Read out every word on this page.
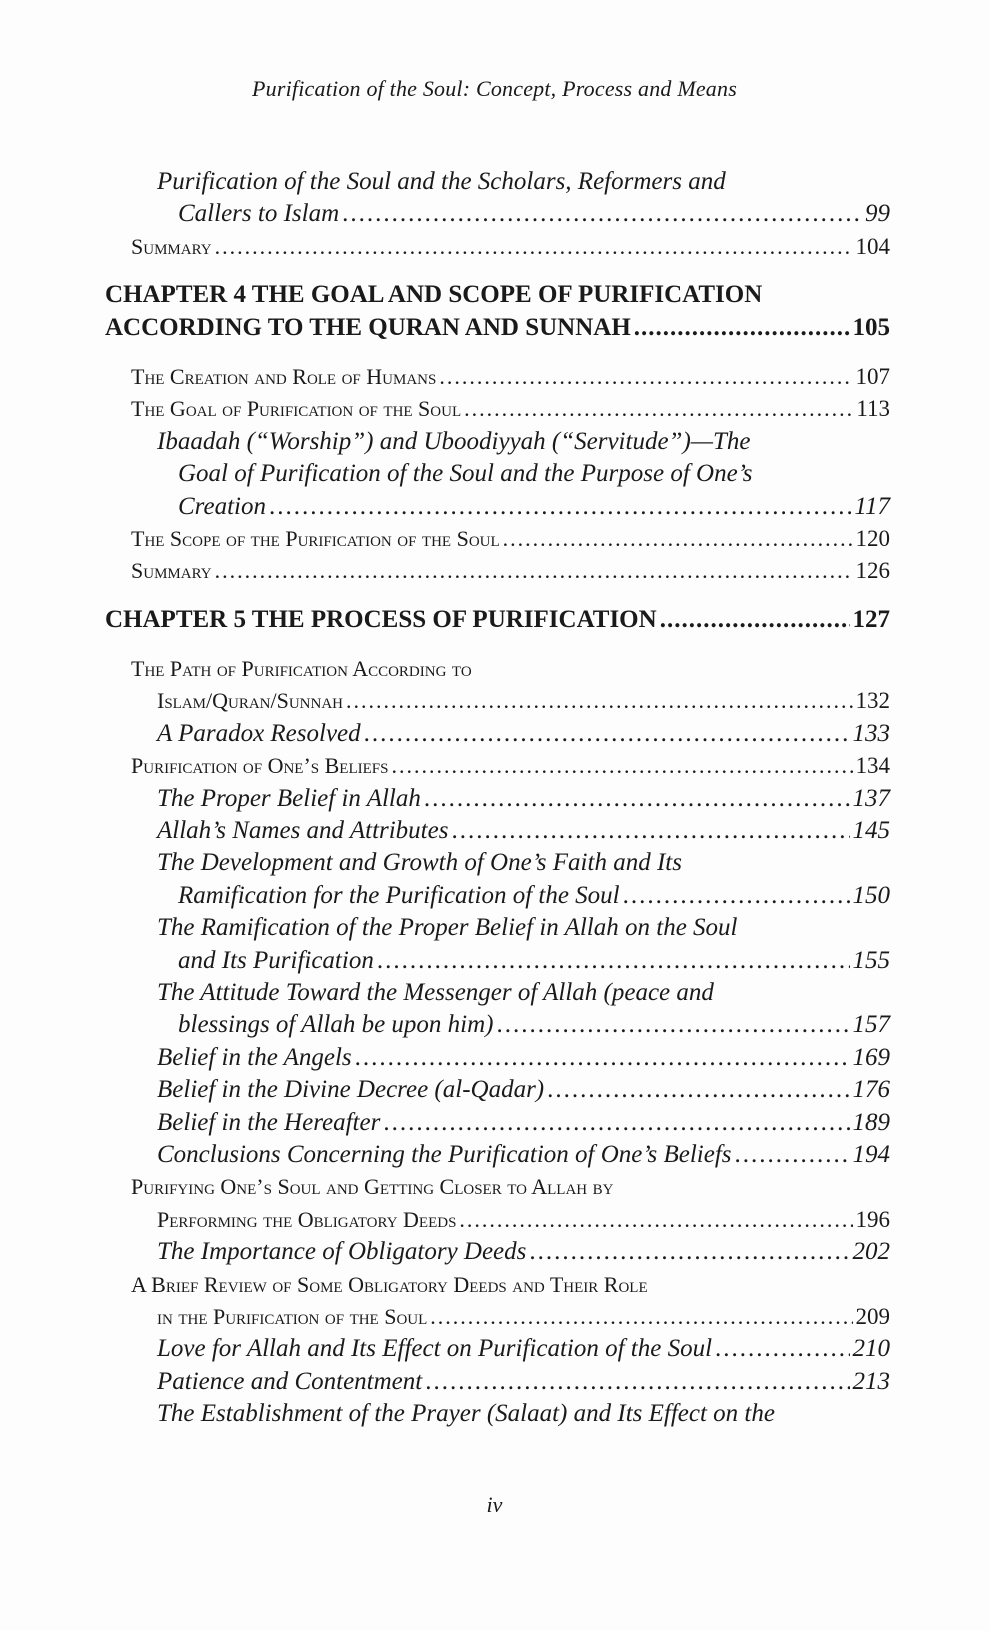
Purification of the Soul: Concept, Process and Means
Purification of the Soul and the Scholars, Reformers and
Callers to Islam .....	99
Summary .....	104
CHAPTER 4 THE GOAL AND SCOPE OF PURIFICATION
ACCORDING TO THE QURAN AND SUNNAH .....	105
The Creation and Role of Humans .....	107
The Goal of Purification of the Soul .....	113
Ibaadah (“Worship”) and Uboodiyyah (“Servitude”)—The
Goal of Purification of the Soul and the Purpose of One’s
Creation .....	117
The Scope of the Purification of the Soul .....	120
Summary .....	126
CHAPTER 5 THE PROCESS OF PURIFICATION .....	127
The Path of Purification According to
Islam/Quran/Sunnah .....	132
A Paradox Resolved .....	133
Purification of One’s Beliefs .....	134
The Proper Belief in Allah .....	137
Allah’s Names and Attributes .....	145
The Development and Growth of One’s Faith and Its
Ramification for the Purification of the Soul .....	150
The Ramification of the Proper Belief in Allah on the Soul
and Its Purification .....	155
The Attitude Toward the Messenger of Allah (peace and
blessings of Allah be upon him) .....	157
Belief in the Angels .....	169
Belief in the Divine Decree (al-Qadar) .....	176
Belief in the Hereafter .....	189
Conclusions Concerning the Purification of One’s Beliefs .....	194
Purifying One’s Soul and Getting Closer to Allah by
Performing the Obligatory Deeds .....	196
The Importance of Obligatory Deeds .....	202
A Brief Review of Some Obligatory Deeds and Their Role
in the Purification of the Soul .....	209
Love for Allah and Its Effect on Purification of the Soul .....	210
Patience and Contentment .....	213
The Establishment of the Prayer (Salaat) and Its Effect on the
iv
